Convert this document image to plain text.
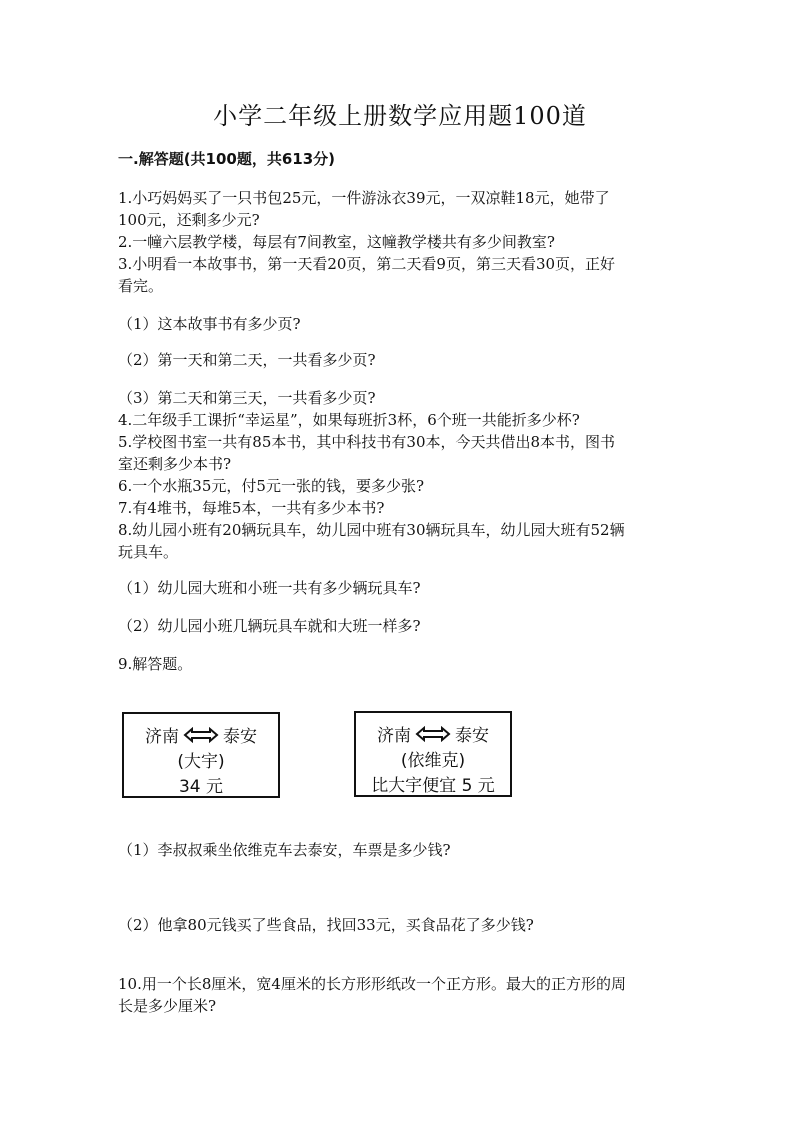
小学二年级上册数学应用题100道
一.解答题(共100题，共613分)
1.小巧妈妈买了一只书包25元，一件游泳衣39元，一双凉鞋18元，她带了
100元，还剩多少元?
2.一幢六层教学楼，每层有7间教室，这幢教学楼共有多少间教室?
3.小明看一本故事书，第一天看20页，第二天看9页，第三天看30页，正好
看完。
（1）这本故事书有多少页?
（2）第一天和第二天，一共看多少页?
（3）第二天和第三天，一共看多少页?
4.二年级手工课折“幸运星”，如果每班折3杯，6个班一共能折多少杯?
5.学校图书室一共有85本书，其中科技书有30本，今天共借出8本书，图书
室还剩多少本书?
6.一个水瓶35元，付5元一张的钱，要多少张?
7.有4堆书，每堆5本，一共有多少本书?
8.幼儿园小班有20辆玩具车，幼儿园中班有30辆玩具车，幼儿园大班有52辆
玩具车。
（1）幼儿园大班和小班一共有多少辆玩具车?
（2）幼儿园小班几辆玩具车就和大班一样多?
9.解答题。
济南	泰安
(大宇)
34 元
济南	泰安
(依维克)
比大宇便宜 5 元
（1）李叔叔乘坐依维克车去泰安，车票是多少钱?
（2）他拿80元钱买了些食品，找回33元，买食品花了多少钱?
10.用一个长8厘米，宽4厘米的长方形形纸改一个正方形。最大的正方形的周
长是多少厘米?
